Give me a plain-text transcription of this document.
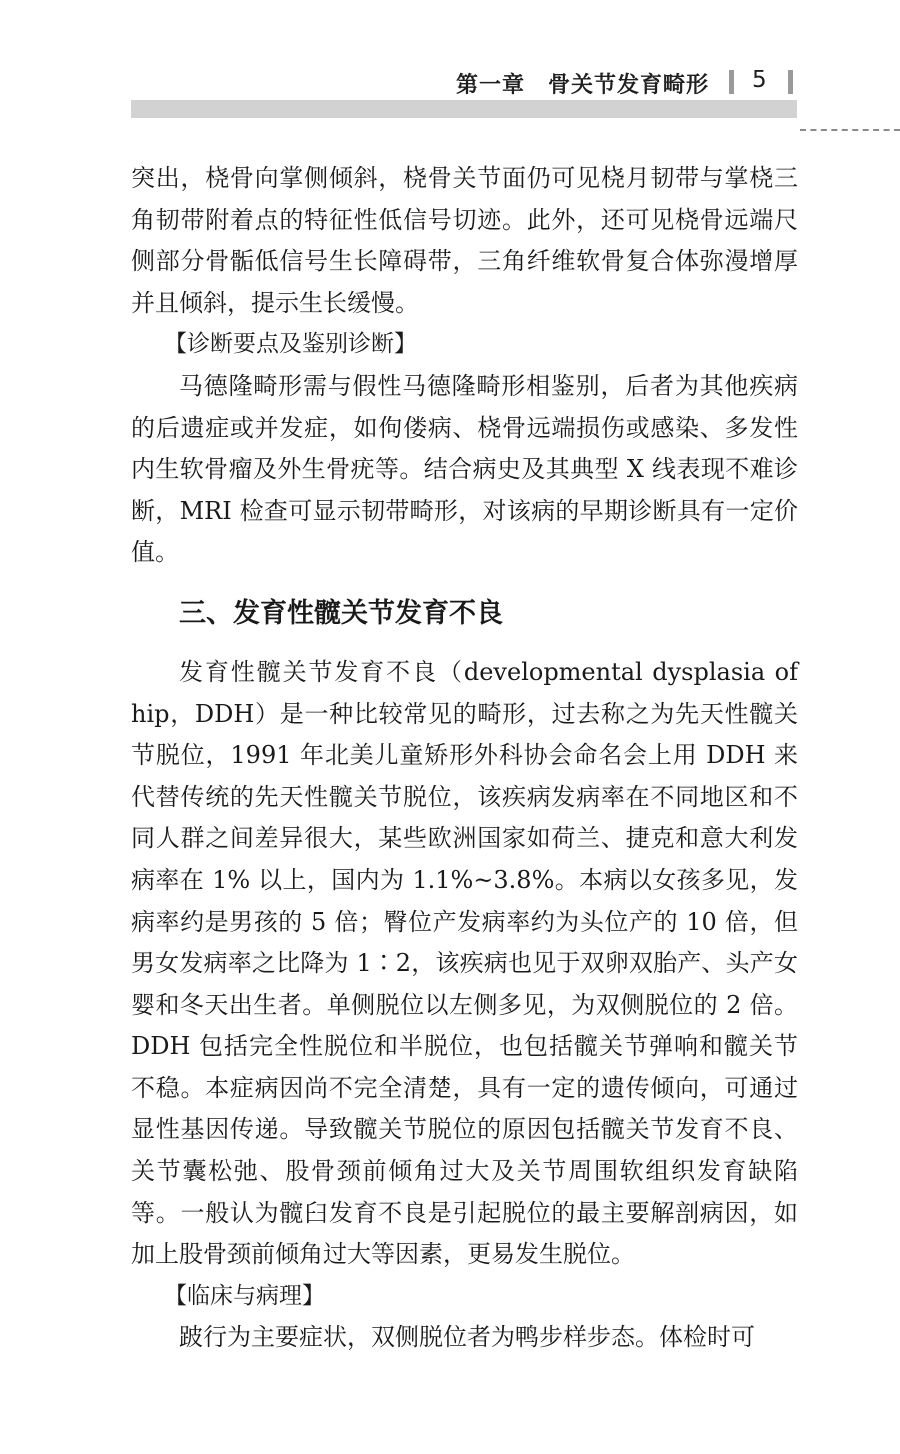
第一章　骨关节发育畸形 5

突出，桡骨向掌侧倾斜，桡骨关节面仍可见桡月韧带与掌桡三角韧带附着点的特征性低信号切迹。此外，还可见桡骨远端尺侧部分骨骺低信号生长障碍带，三角纤维软骨复合体弥漫增厚并且倾斜，提示生长缓慢。

【诊断要点及鉴别诊断】

马德隆畸形需与假性马德隆畸形相鉴别，后者为其他疾病的后遗症或并发症，如佝偻病、桡骨远端损伤或感染、多发性内生软骨瘤及外生骨疣等。结合病史及其典型 X 线表现不难诊断，MRI 检查可显示韧带畸形，对该病的早期诊断具有一定价值。

三、发育性髋关节发育不良

发育性髋关节发育不良（developmental dysplasia of hip，DDH）是一种比较常见的畸形，过去称之为先天性髋关节脱位，1991 年北美儿童矫形外科协会命名会上用 DDH 来代替传统的先天性髋关节脱位，该疾病发病率在不同地区和不同人群之间差异很大，某些欧洲国家如荷兰、捷克和意大利发病率在 1% 以上，国内为 1.1%~3.8%。本病以女孩多见，发病率约是男孩的 5 倍；臀位产发病率约为头位产的 10 倍，但男女发病率之比降为 1∶2，该疾病也见于双卵双胎产、头产女婴和冬天出生者。单侧脱位以左侧多见，为双侧脱位的 2 倍。DDH 包括完全性脱位和半脱位，也包括髋关节弹响和髋关节不稳。本症病因尚不完全清楚，具有一定的遗传倾向，可通过显性基因传递。导致髋关节脱位的原因包括髋关节发育不良、关节囊松弛、股骨颈前倾角过大及关节周围软组织发育缺陷等。一般认为髋臼发育不良是引起脱位的最主要解剖病因，如加上股骨颈前倾角过大等因素，更易发生脱位。

【临床与病理】

跛行为主要症状，双侧脱位者为鸭步样步态。体检时可
